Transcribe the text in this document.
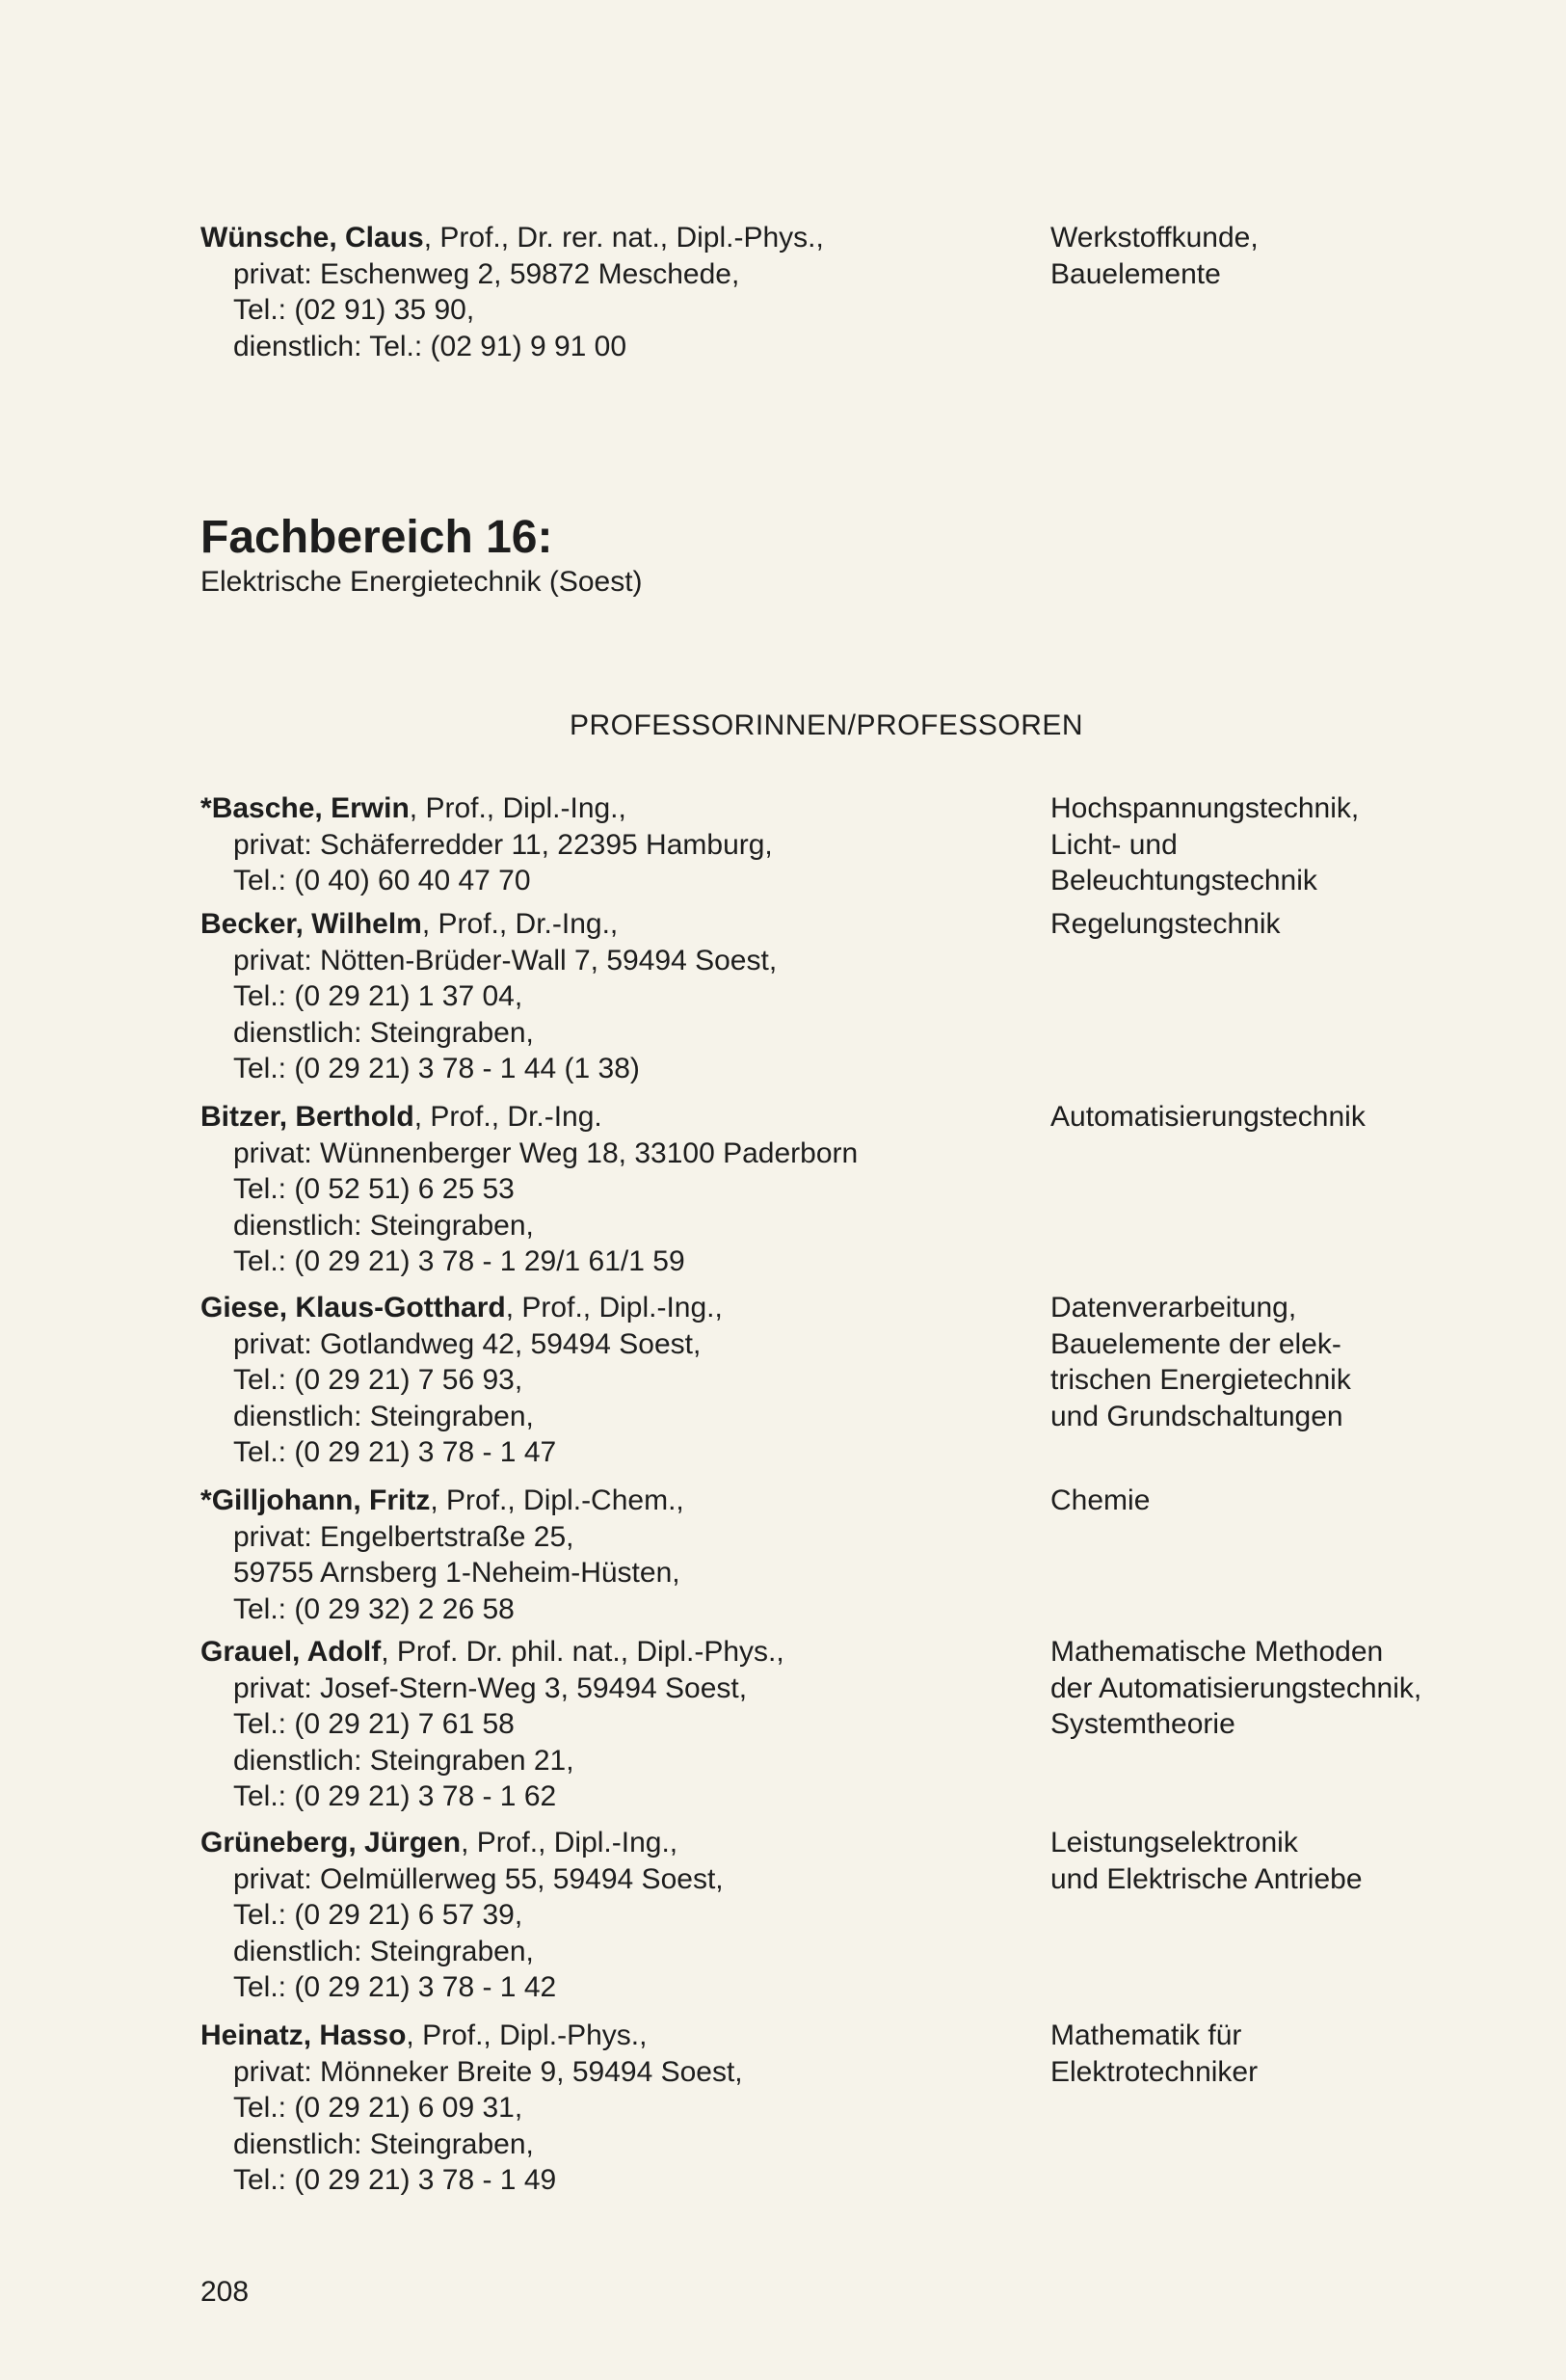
Wünsche, Claus, Prof., Dr. rer. nat., Dipl.-Phys.,
privat: Eschenweg 2, 59872 Meschede,
Tel.: (02 91) 35 90,
dienstlich: Tel.: (02 91) 9 91 00
Werkstoffkunde,
Bauelemente
Fachbereich 16:
Elektrische Energietechnik (Soest)
PROFESSORINNEN/PROFESSOREN
*Basche, Erwin, Prof., Dipl.-Ing.,
privat: Schäferredder 11, 22395 Hamburg,
Tel.: (0 40) 60 40 47 70
Hochspannungstechnik,
Licht- und
Beleuchtungstechnik
Becker, Wilhelm, Prof., Dr.-Ing.,
privat: Nötten-Brüder-Wall 7, 59494 Soest,
Tel.: (0 29 21) 1 37 04,
dienstlich: Steingraben,
Tel.: (0 29 21) 3 78 - 1 44 (1 38)
Regelungstechnik
Bitzer, Berthold, Prof., Dr.-Ing.
privat: Wünnenberger Weg 18, 33100 Paderborn
Tel.: (0 52 51) 6 25 53
dienstlich: Steingraben,
Tel.: (0 29 21) 3 78 - 1 29/1 61/1 59
Automatisierungstechnik
Giese, Klaus-Gotthard, Prof., Dipl.-Ing.,
privat: Gotlandweg 42, 59494 Soest,
Tel.: (0 29 21) 7 56 93,
dienstlich: Steingraben,
Tel.: (0 29 21) 3 78 - 1 47
Datenverarbeitung,
Bauelemente der elek-
trischen Energietechnik
und Grundschaltungen
*Gilljohann, Fritz, Prof., Dipl.-Chem.,
privat: Engelbertstraße 25,
59755 Arnsberg 1-Neheim-Hüsten,
Tel.: (0 29 32) 2 26 58
Chemie
Grauel, Adolf, Prof. Dr. phil. nat., Dipl.-Phys.,
privat: Josef-Stern-Weg 3, 59494 Soest,
Tel.: (0 29 21) 7 61 58
dienstlich: Steingraben 21,
Tel.: (0 29 21) 3 78 - 1 62
Mathematische Methoden
der Automatisierungstechnik,
Systemtheorie
Grüneberg, Jürgen, Prof., Dipl.-Ing.,
privat: Oelmüllerweg 55, 59494 Soest,
Tel.: (0 29 21) 6 57 39,
dienstlich: Steingraben,
Tel.: (0 29 21) 3 78 - 1 42
Leistungselektronik
und Elektrische Antriebe
Heinatz, Hasso, Prof., Dipl.-Phys.,
privat: Mönneker Breite 9, 59494 Soest,
Tel.: (0 29 21) 6 09 31,
dienstlich: Steingraben,
Tel.: (0 29 21) 3 78 - 1 49
Mathematik für
Elektrotechniker
208
